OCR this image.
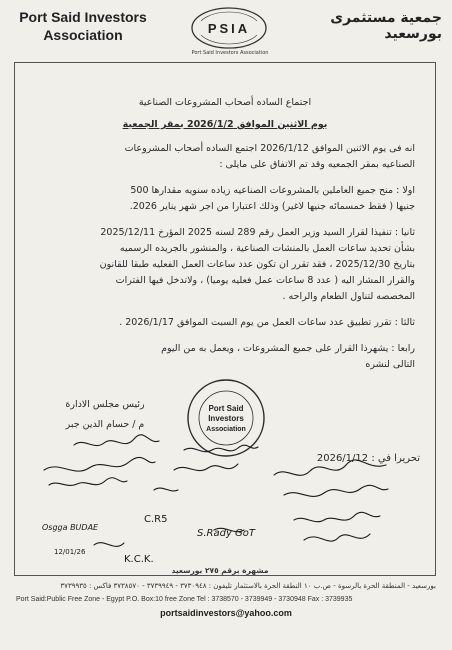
Port Said Investors
Association	PSIA
Port Said Investors Association
جمعية مستثمرى بورسعيد
اجتماع الساده أصحاب المشروعات الصناعية
يوم الاثنين الموافق 2026/1/2 بمقر الجمعية
انه فى يوم الاثنين الموافق 2026/1/12 اجتمع الساده أصحاب المشروعات
الصناعيه بمقر الجمعيه وقد تم الاتفاق على مايلى :
اولا : منح جميع العاملين بالمشروعات الصناعيه زياده سنويه مقدارها 500
جنيها ( فقط خمسمائه جنيها لاغير) وذلك اعتبارا من اجر شهر يناير 2026.
ثانيا : تنفيذا لقرار السيد وزير العمل رقم 289 لسنه 2025 المؤرخ 2025/12/11
بشأن تحديد ساعات العمل بالمنشات الصناعية ، والمنشور بالجريده الرسميه
بتاريخ 2025/12/30 ، فقد تقرر ان تكون عدد ساعات العمل الفعليه طبقا للقانون
والقرار المشار اليه ( عدد 8 ساعات عمل فعليه يوميا) ، ولاتدخل فيها الفترات
المخصصه لتناول الطعام والراحه .
ثالثا : تقرر تطبيق عدد ساعات العمل من يوم السبت الموافق 2026/1/17 .
رابعا : يشهرذا القرار على جميع المشروعات ، ويعمل به من اليوم
التالى لنشره
رئيس مجلس الادارة
م / حسام الدين جبر
تحريرا في : 2026/1/12
Port Said
Investors
Association
C.R5
S.Rady GoT
K.C.K.
Osgga BUDAE
12/01/26
مشهرة برقم ٢٧٥ بورسعيد
بورسعيد - المنطقة الحرة بالرسوة - ص.ب ١٠ النطقة الحرة بالاستثمار تليفون : ٣٧٣٠٩٤٨ - ٣٧٣٩٩٤٩ - ٣٧٣٨٥٧٠ فاكس : ٣٧٣٩٩٣٥
Port Said:Public Free Zone - Egypt P.O. Box:10 free Zone Tel : 3738570 - 3739949 - 3730948 Fax : 3739935
portsaidinvestors@yahoo.com
